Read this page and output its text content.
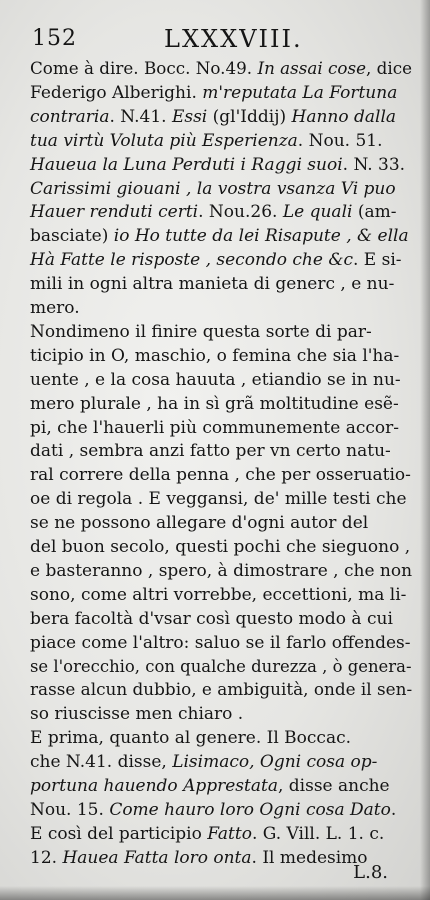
152	LXXXVIII.
Come à dire. Bocc. No.49. In assai cose, dice
Federigo Alberighi. m'reputata La Fortuna
contraria. N.41. Essi (gl'Iddij) Hanno dalla
tua virtù Voluta più Esperienza. Nou. 51.
Haueua la Luna Perduti i Raggi suoi. N. 33.
Carissimi giouani , la vostra vsanza Vi puo
Hauer renduti certi. Nou.26. Le quali (am-
basciate) io Ho tutte da lei Risapute , & ella
Hà Fatte le risposte , secondo che &c. E si-
mili in ogni altra manieta di generc , e nu-
mero.
Nondimeno il finire questa sorte di par-
ticipio in O, maschio, o femina che sia l'ha-
uente , e la cosa hauuta , etiandio se in nu-
mero plurale , ha in sì grã moltitudine esẽ-
pi, che l'hauerli più communemente accor-
dati , sembra anzi fatto per vn certo natu-
ral correre della penna , che per osseruatio-
oe di regola . E veggansi, de' mille testi che
se ne possono allegare d'ogni autor del
del buon secolo, questi pochi che sieguono ,
e basteranno , spero, à dimostrare , che non
sono, come altri vorrebbe, eccettioni, ma li-
bera facoltà d'vsar così questo modo à cui
piace come l'altro: saluo se il farlo offendes-
se l'orecchio, con qualche durezza , ò genera-
rasse alcun dubbio, e ambiguità, onde il sen-
so riuscisse men chiaro .
E prima, quanto al genere. Il Boccac.
che N.41. disse, Lisimaco, Ogni cosa op-
portuna hauendo Apprestata, disse anche
Nou. 15. Come hauro loro Ogni cosa Dato.
E così del participio Fatto. G. Vill. L. 1. c.
12. Hauea Fatta loro onta. Il medesimo
L.8.
